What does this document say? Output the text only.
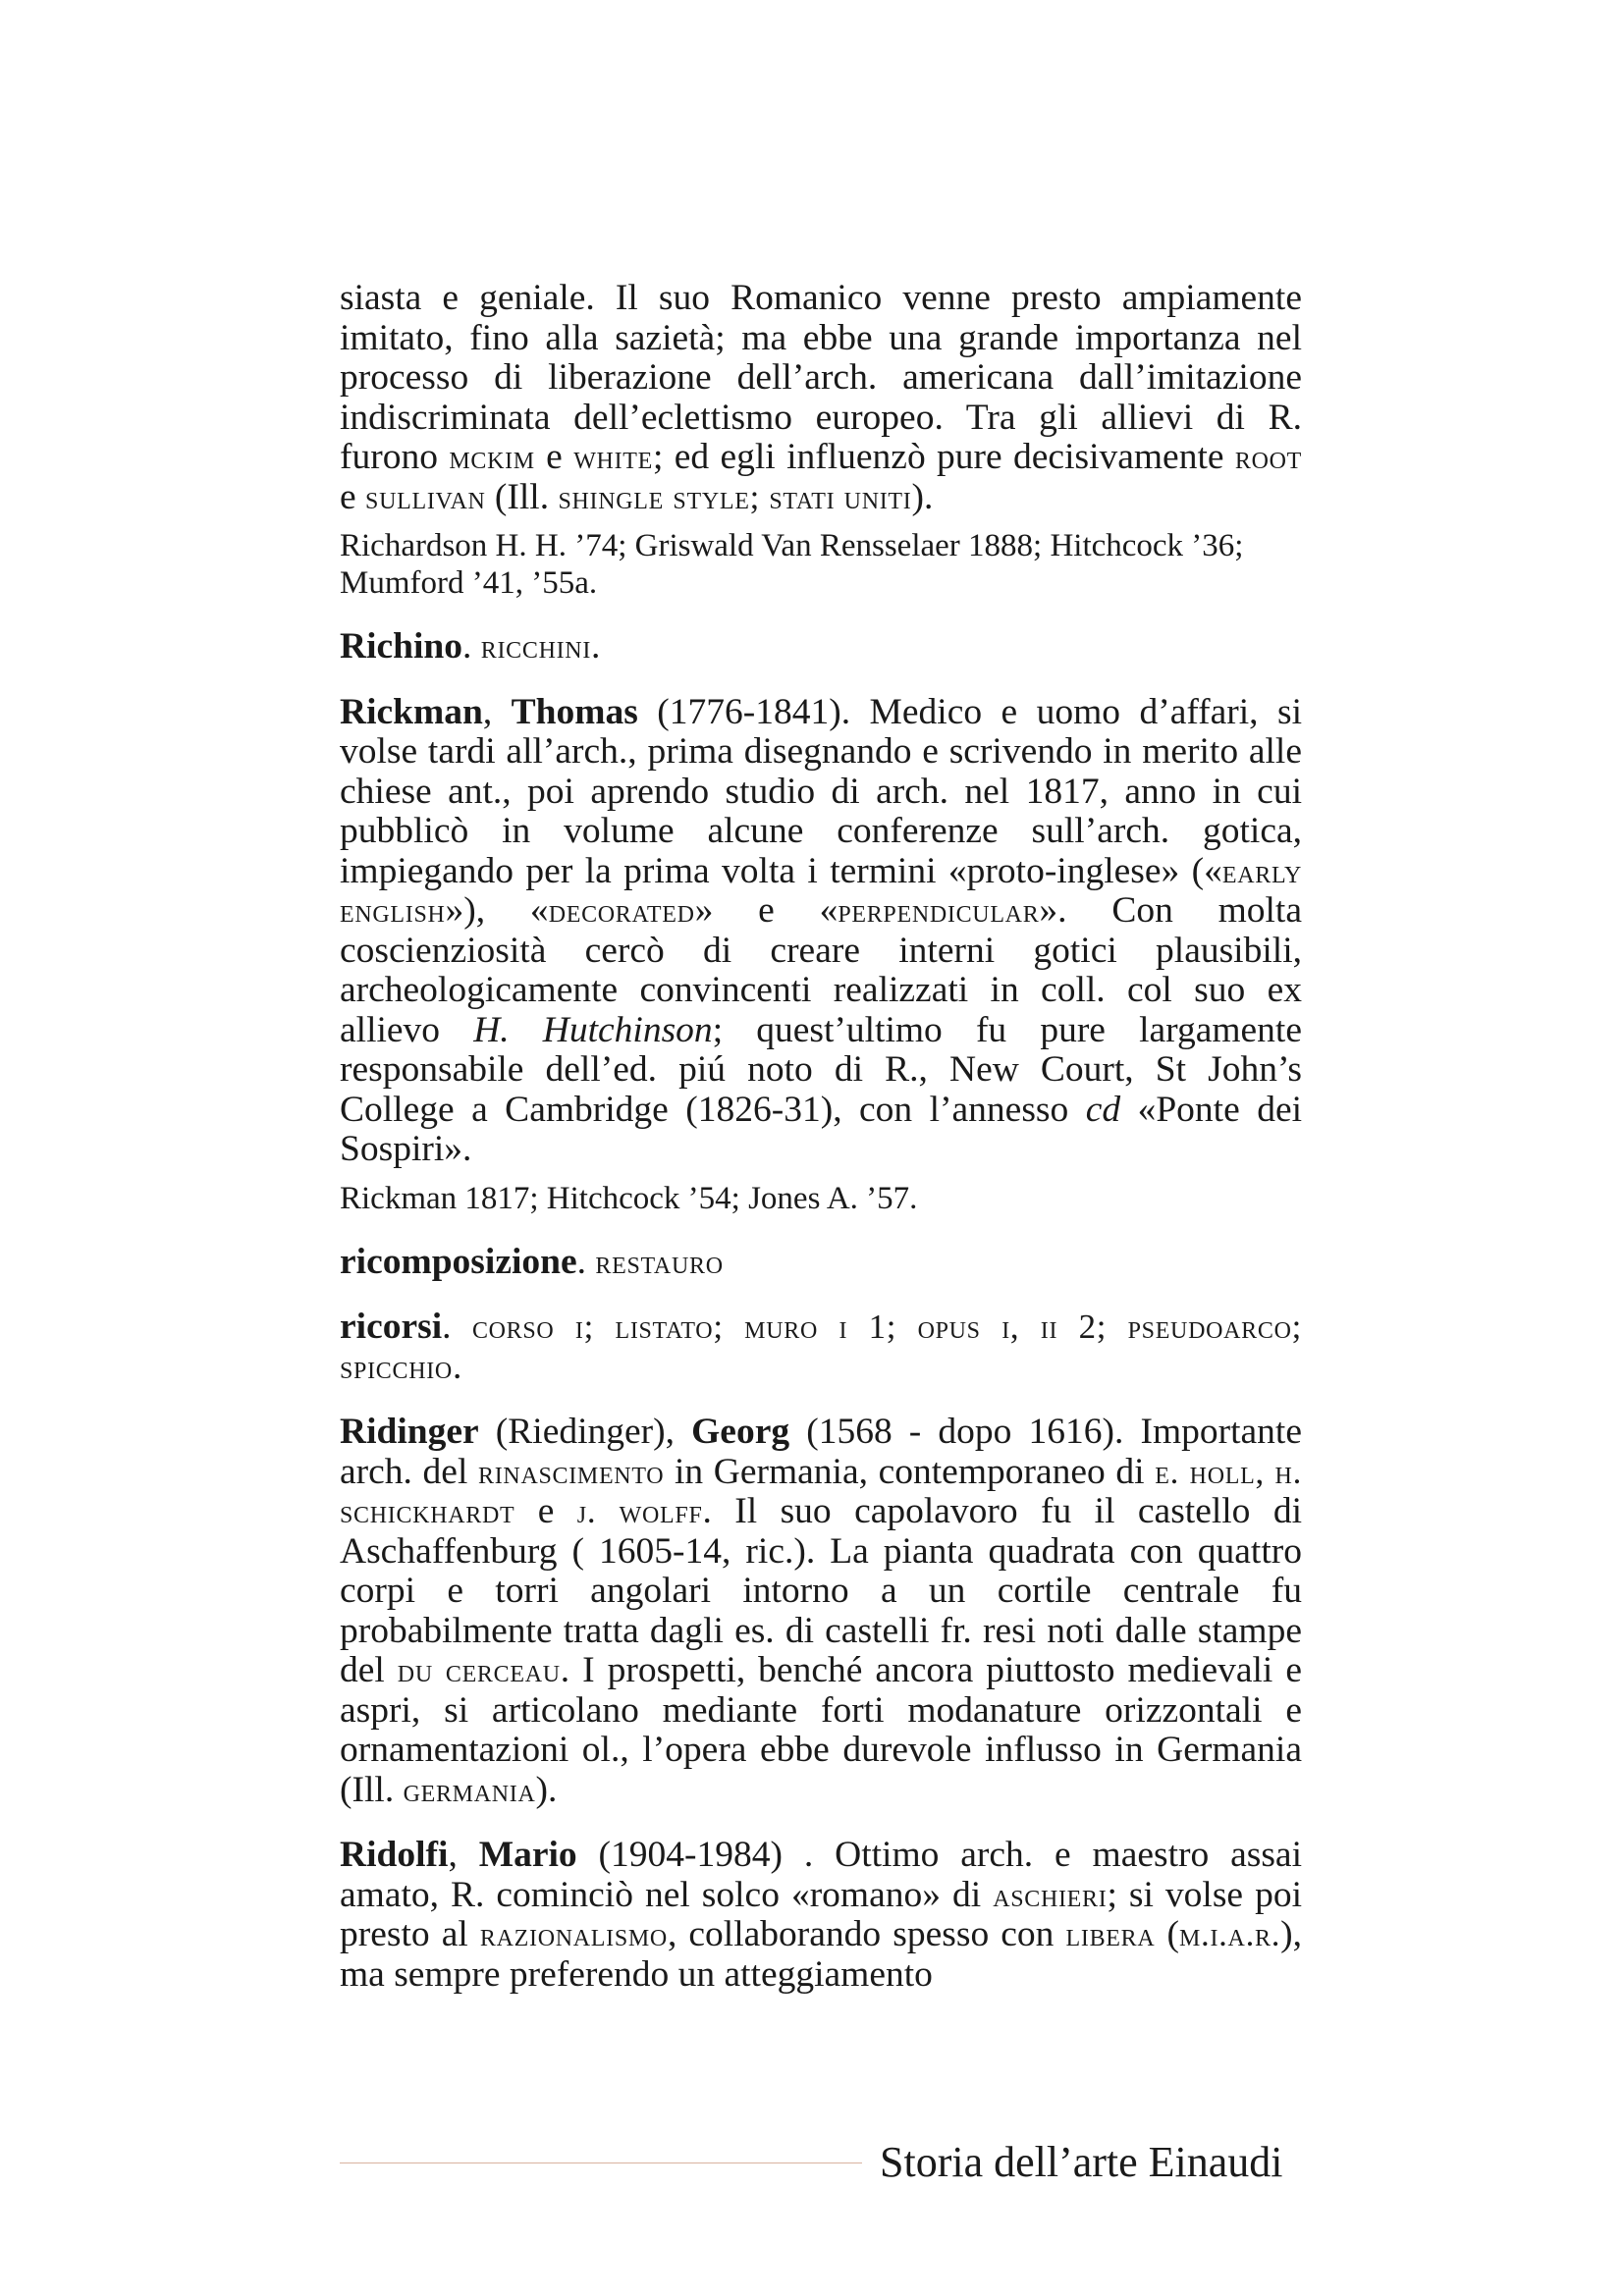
siasta e geniale. Il suo Romanico venne presto ampiamente imitato, fino alla sazietà; ma ebbe una grande importanza nel processo di liberazione dell’arch. americana dall’imitazione indiscriminata dell’eclettismo europeo. Tra gli allievi di R. furono mckim e white; ed egli influenzò pure decisivamente root e sullivan (Ill. shingle style; stati uniti).

Richardson H. H. ’74; Griswald Van Rensselaer 1888; Hitchcock ’36; Mumford ’41, ’55a.

Richino. ricchini.

Rickman, Thomas (1776-1841). Medico e uomo d’affari, si volse tardi all’arch., prima disegnando e scrivendo in merito alle chiese ant., poi aprendo studio di arch. nel 1817, anno in cui pubblicò in volume alcune conferenze sull’arch. gotica, impiegando per la prima volta i termini «proto-inglese» («early english»), «decorated» e «perpendicular». Con molta coscienziosità cercò di creare interni gotici plausibili, archeologicamente convincenti realizzati in coll. col suo ex allievo H. Hutchinson; quest’ultimo fu pure largamente responsabile dell’ed. piú noto di R., New Court, St John’s College a Cambridge (1826-31), con l’annesso cd «Ponte dei Sospiri».

Rickman 1817; Hitchcock ’54; Jones A. ’57.

ricomposizione. restauro

ricorsi. corso i; listato; muro i 1; opus i, ii 2; pseudoarco; spicchio.

Ridinger (Riedinger), Georg (1568 - dopo 1616). Importante arch. del rinascimento in Germania, contemporaneo di e. holl, h. schickhardt e j. wolff. Il suo capolavoro fu il castello di Aschaffenburg ( 1605-14, ric.). La pianta quadrata con quattro corpi e torri angolari intorno a un cortile centrale fu probabilmente tratta dagli es. di castelli fr. resi noti dalle stampe del du cerceau. I prospetti, benché ancora piuttosto medievali e aspri, si articolano mediante forti modanature orizzontali e ornamentazioni ol., l’opera ebbe durevole influsso in Germania (Ill. germania).

Ridolfi, Mario (1904-1984) . Ottimo arch. e maestro assai amato, R. cominciò nel solco «romano» di aschieri; si volse poi presto al razionalismo, collaborando spesso con libera (m.i.a.r.), ma sempre preferendo un atteggiamento

Storia dell’arte Einaudi
